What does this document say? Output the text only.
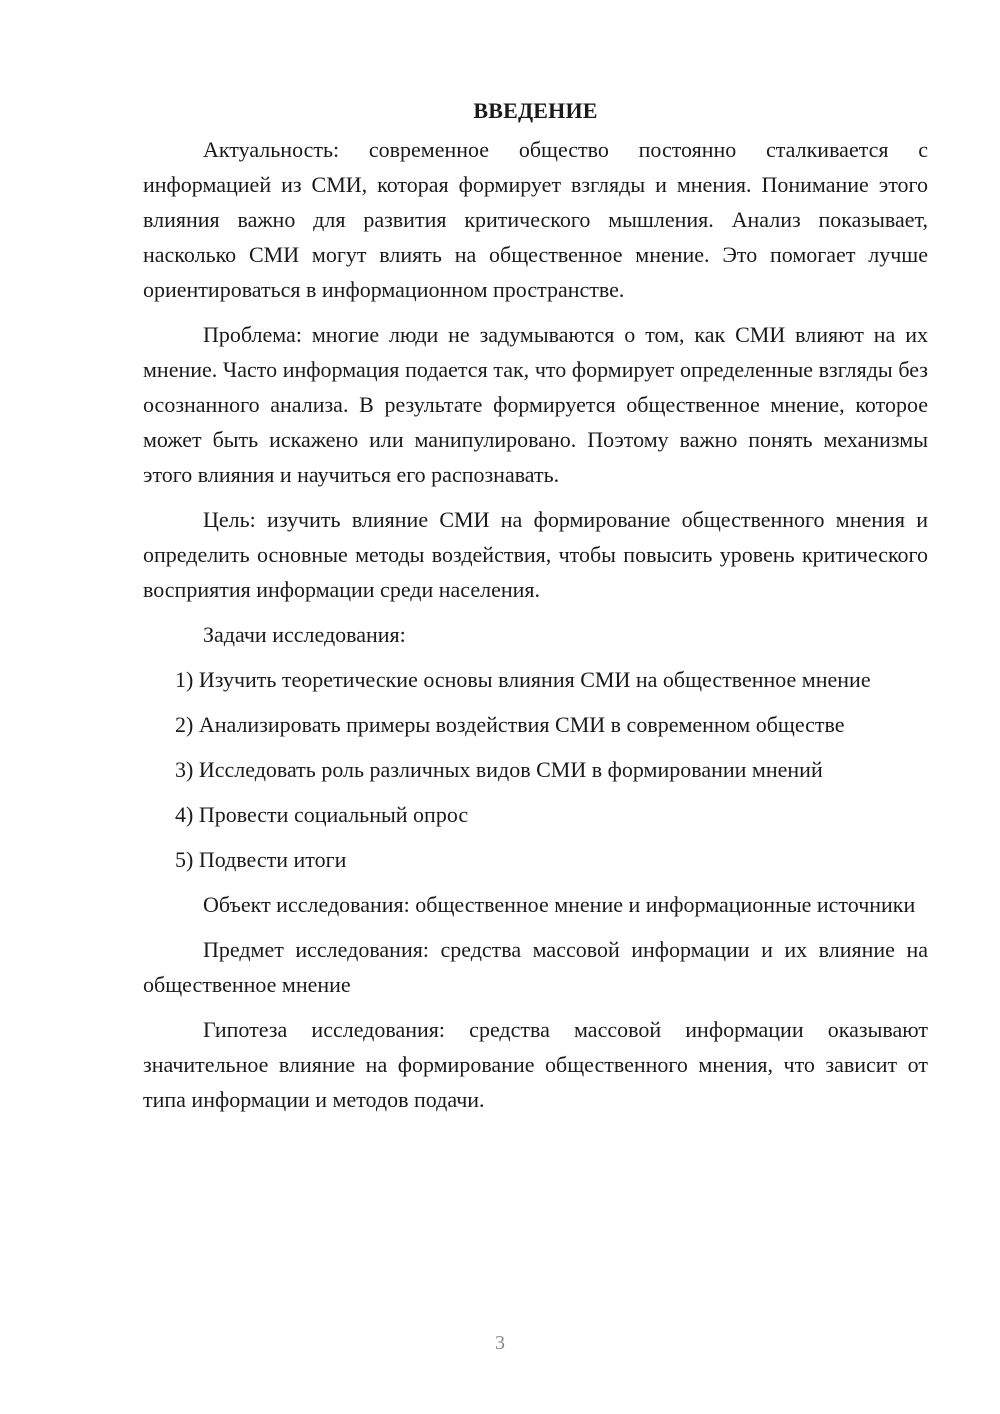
ВВЕДЕНИЕ

Актуальность: современное общество постоянно сталкивается с информацией из СМИ, которая формирует взгляды и мнения. Понимание этого влияния важно для развития критического мышления. Анализ показывает, насколько СМИ могут влиять на общественное мнение. Это помогает лучше ориентироваться в информационном пространстве.

Проблема: многие люди не задумываются о том, как СМИ влияют на их мнение. Часто информация подается так, что формирует определенные взгляды без осознанного анализа. В результате формируется общественное мнение, которое может быть искажено или манипулировано. Поэтому важно понять механизмы этого влияния и научиться его распознавать.

Цель: изучить влияние СМИ на формирование общественного мнения и определить основные методы воздействия, чтобы повысить уровень критического восприятия информации среди населения.

Задачи исследования:

1) Изучить теоретические основы влияния СМИ на общественное мнение

2) Анализировать примеры воздействия СМИ в современном обществе

3) Исследовать роль различных видов СМИ в формировании мнений

4) Провести социальный опрос

5) Подвести итоги

Объект исследования: общественное мнение и информационные источники

Предмет исследования: средства массовой информации и их влияние на общественное мнение

Гипотеза исследования: средства массовой информации оказывают значительное влияние на формирование общественного мнения, что зависит от типа информации и методов подачи.

3
